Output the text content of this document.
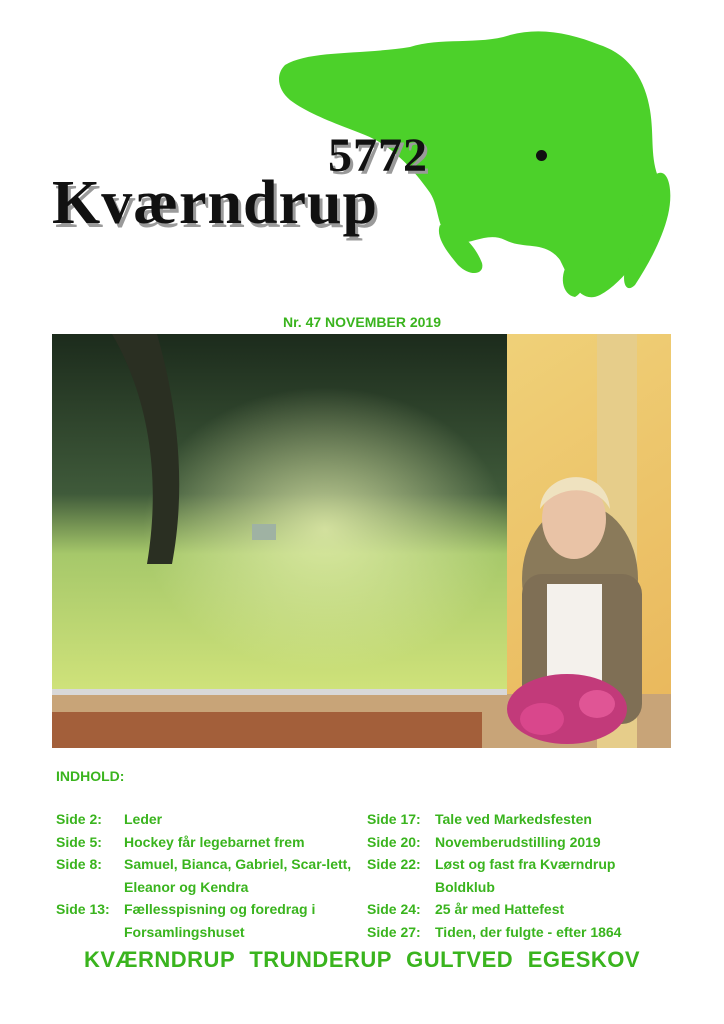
5772
Kværndrup
Nr. 47 NOVEMBER 2019
INDHOLD:
Side 2:	Leder
Side 5:	Hockey får legebarnet frem
Side 8:	Samuel, Bianca, Gabriel, Scar-lett, Eleanor og Kendra
Side 13:	Fællesspisning og foredrag i Forsamlingshuset
Side 17:	Tale ved Markedsfesten
Side 20:	Novemberudstilling 2019
Side 22:	Løst og fast fra Kværndrup Boldklub
Side 24:	25 år med Hattefest
Side 27:	Tiden, der fulgte - efter 1864
KVÆRNDRUP TRUNDERUP GULTVED EGESKOV
